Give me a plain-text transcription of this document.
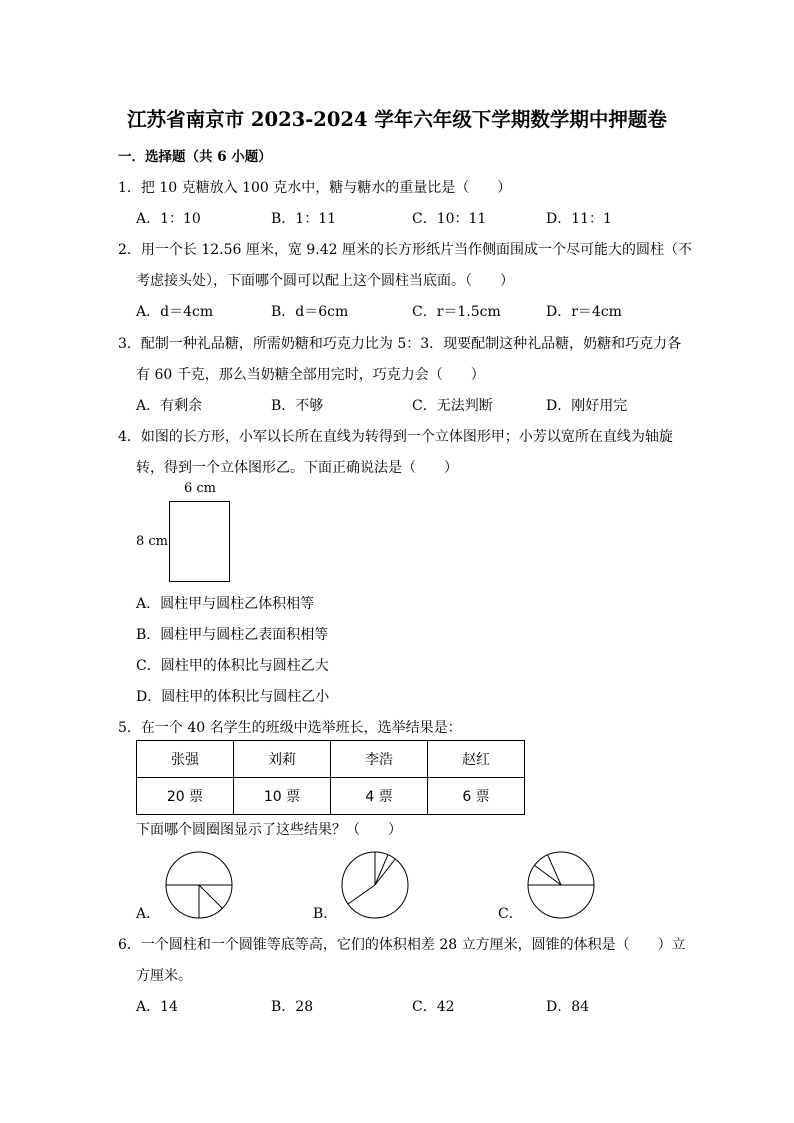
江苏省南京市 2023-2024 学年六年级下学期数学期中押题卷
一．选择题（共 6 小题）
1．把 10 克糖放入 100 克水中，糖与糖水的重量比是（　　）
A．1：10	B．1：11	C．10：11	D．11：1
2．用一个长 12.56 厘米，宽 9.42 厘米的长方形纸片当作侧面围成一个尽可能大的圆柱（不
考虑接头处），下面哪个圆可以配上这个圆柱当底面。（　　）
A．d＝4cm	B．d＝6cm	C．r＝1.5cm	D．r＝4cm
3．配制一种礼品糖，所需奶糖和巧克力比为 5：3．现要配制这种礼品糖，奶糖和巧克力各
有 60 千克，那么当奶糖全部用完时，巧克力会（　　）
A．有剩余	B．不够	C．无法判断	D．刚好用完
4．如图的长方形，小军以长所在直线为转得到一个立体图形甲；小芳以宽所在直线为轴旋
转，得到一个立体图形乙。下面正确说法是（　　）
6 cm
8 cm
A．圆柱甲与圆柱乙体积相等
B．圆柱甲与圆柱乙表面积相等
C．圆柱甲的体积比与圆柱乙大
D．圆柱甲的体积比与圆柱乙小
5．在一个 40 名学生的班级中选举班长，选举结果是：
张强	刘莉	李浩	赵红
20 票	10 票	4 票	6 票
下面哪个圆圈图显示了这些结果？（　　）
A．	B．	C．
6．一个圆柱和一个圆锥等底等高，它们的体积相差 28 立方厘米，圆锥的体积是（　　）立
方厘米。
A．14	B．28	C．42	D．84
